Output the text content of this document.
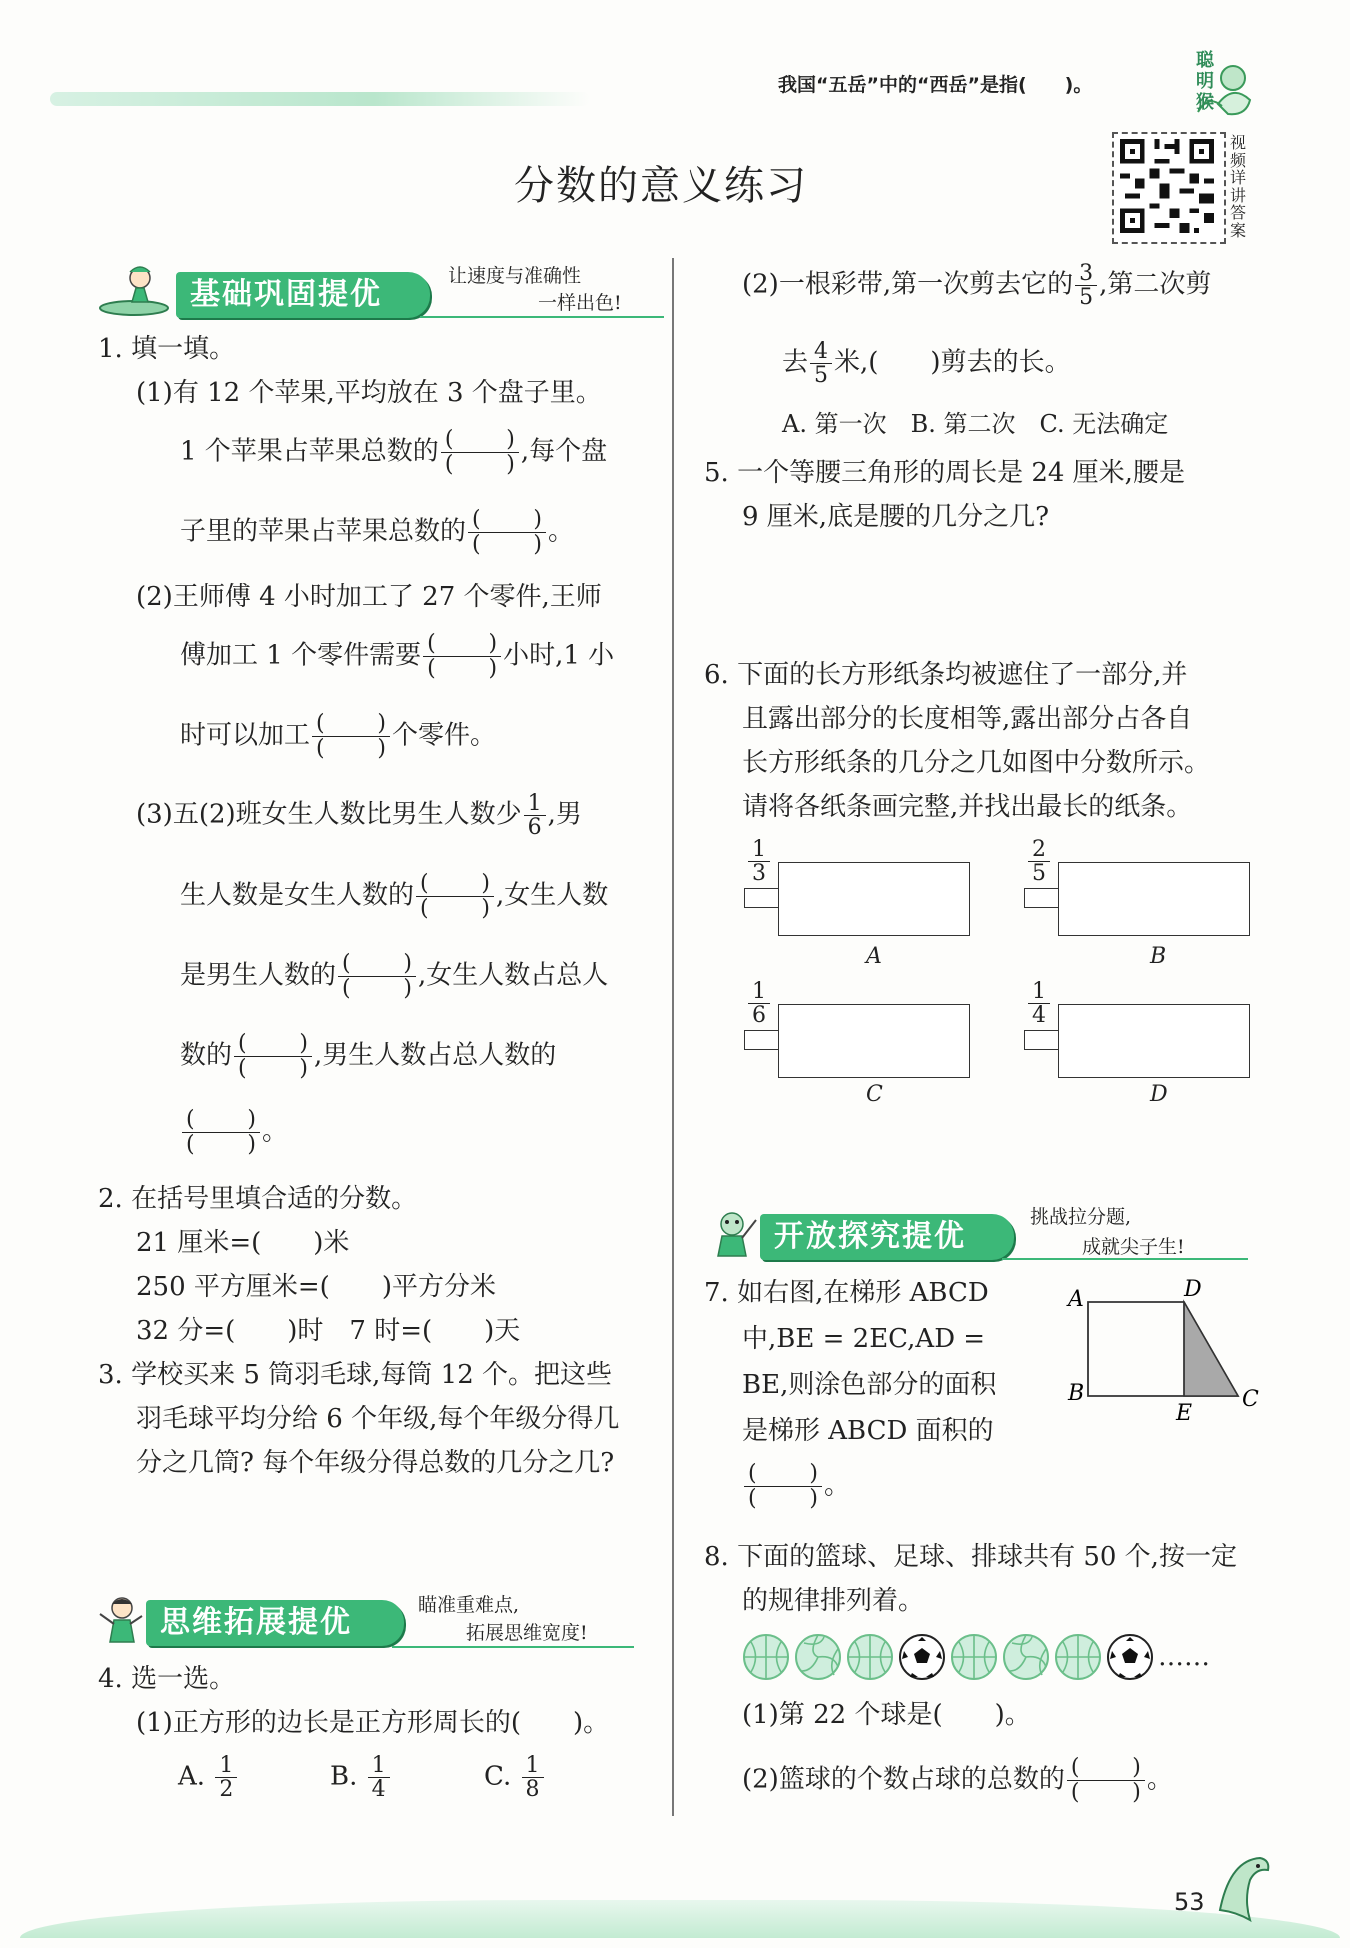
我国“五岳”中的“西岳”是指(　　)。
聪明猴
视频详讲答案
分数的意义练习
基础巩固提优
让速度与准确性
一样出色!
1. 填一填。
(1)有 12 个苹果,平均放在 3 个盘子里。
1 个苹果占苹果总数的 ( )
( ) ,每个盘
子里的苹果占苹果总数的 ( )
( ) 。
(2)王师傅 4 小时加工了 27 个零件,王师
傅加工 1 个零件需要 ( )
( ) 小时,1 小
时可以加工 ( )
( ) 个零件。
(3)五(2)班女生人数比男生人数少 $\frac{1}{6}$ ,男
生人数是女生人数的 ( )
( ) ,女生人数
是男生人数的 ( )
( ) ,女生人数占总人
数的 ( )
( ) ,男生人数占总人数的
( )
( ) 。
2. 在括号里填合适的分数。
21 厘米=(　　)米
250 平方厘米=(　　)平方分米
32 分=(　　)时　7 时=(　　)天
3. 学校买来 5 筒羽毛球,每筒 12 个。把这些
羽毛球平均分给 6 个年级,每个年级分得几
分之几筒? 每个年级分得总数的几分之几?
思维拓展提优	瞄准重难点,
拓展思维宽度!
4. 选一选。
(1)正方形的边长是正方形周长的(　　)。
A. $\frac{1}{2}$	B. $\frac{1}{4}$	C. $\frac{1}{8}$
(2)一根彩带,第一次剪去它的 $\frac{3}{5}$ ,第二次剪
去 $\frac{4}{5}$ 米,(　　)剪去的长。
A. 第一次　B. 第二次　C. 无法确定
5. 一个等腰三角形的周长是 24 厘米,腰是
9 厘米,底是腰的几分之几?
6. 下面的长方形纸条均被遮住了一部分,并
且露出部分的长度相等,露出部分占各自
长方形纸条的几分之几如图中分数所示。
请将各纸条画完整,并找出最长的纸条。
$\frac{1}{3}$
A
$\frac{2}{5}$
B
$\frac{1}{6}$
C
$\frac{1}{4}$
D
开放探究提优
挑战拉分题,
成就尖子生!
7. 如右图,在梯形 ABCD
中,BE = 2EC,AD =
BE,则涂色部分的面积
是梯形 ABCD 面积的
( )
( ) 。
A	D
B	C
E
8. 下面的篮球、足球、排球共有 50 个,按一定
的规律排列着。
……
(1)第 22 个球是(　　)。
(2)篮球的个数占球的总数的 ( )
( ) 。
53
